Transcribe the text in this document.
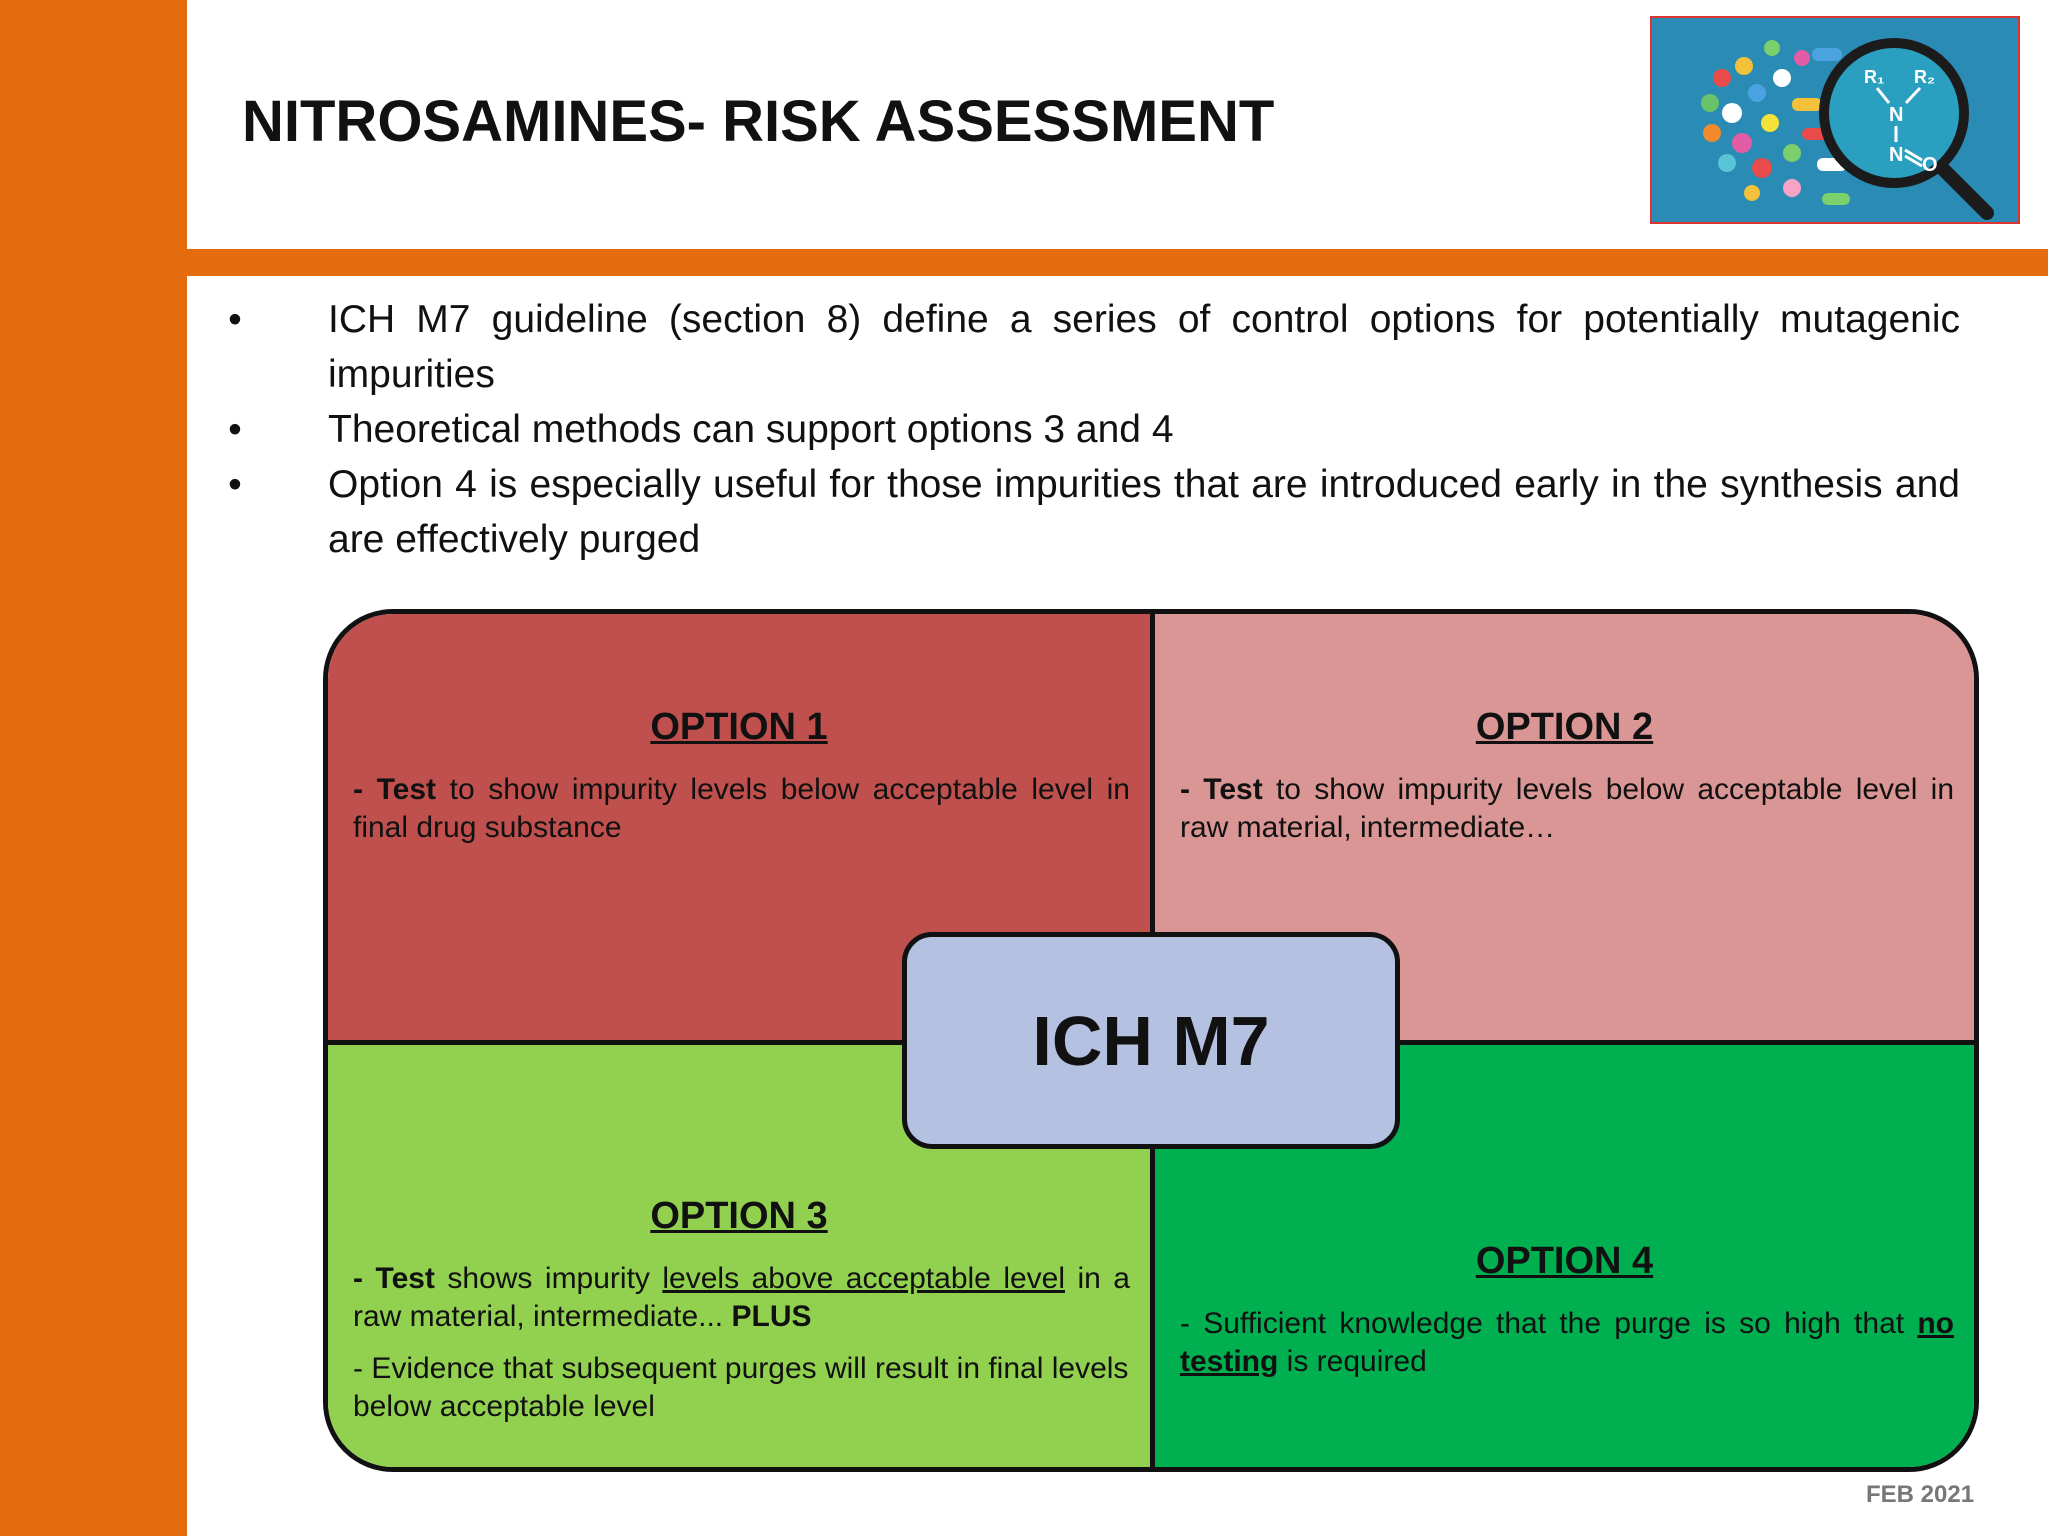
NITROSAMINES- RISK ASSESSMENT
R₁ R₂
N
N O
• ICH M7 guideline (section 8) define a series of control options for potentially mutagenic impurities
• Theoretical methods can support options 3 and 4
• Option 4 is especially useful for those impurities that are introduced early in the synthesis and are effectively purged
OPTION 1
- Test to show impurity levels below acceptable level in final drug substance
OPTION 2
- Test to show impurity levels below acceptable level in raw material, intermediate…
OPTION 3
- Test shows impurity levels above acceptable level in a raw material, intermediate... PLUS
- Evidence that subsequent purges will result in final levels below acceptable level
OPTION 4
- Sufficient knowledge that the purge is so high that no testing is required
ICH M7
FEB 2021
